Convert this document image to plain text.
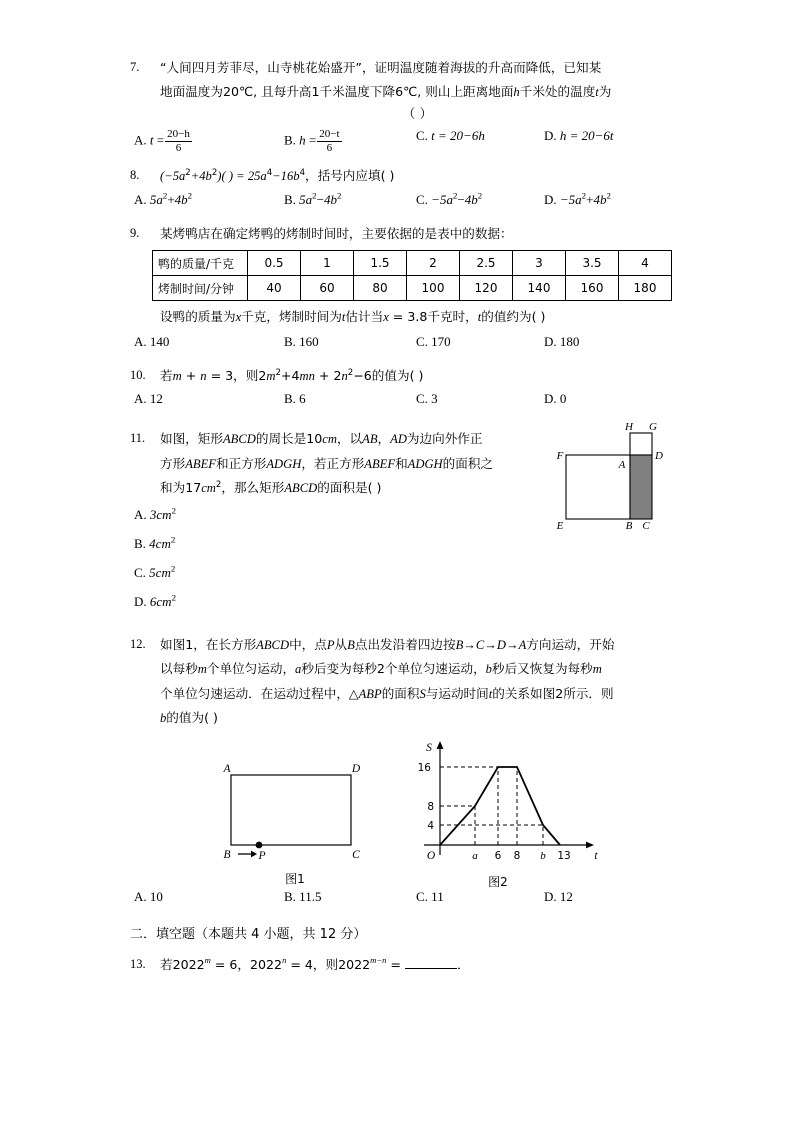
7.	“人间四月芳菲尽，山寺桃花始盛开”，证明温度随着海拔的升高而降低，已知某
地面温度为20℃, 且每升高1千米温度下降6℃, 则山上距离地面h千米处的温度t为
（ ）
A. $t = \frac{20-h}{6}$	B. $h = \frac{20-t}{6}$	C. t = 20−6h	D. h = 20−6t
8.	$(-5a^2+4b^2)$( ) = $25a^4-16b^4$，括号内应填( )
A. $5a^2+4b^2$	B. $5a^2-4b^2$	C. $-5a^2-4b^2$	D. $-5a^2+4b^2$
9.	某烤鸭店在确定烤鸭的烤制时间时，主要依据的是表中的数据：
鸭的质量/千克	0.5	1	1.5	2	2.5	3	3.5	4
烤制时间/分钟	40	60	80	100	120	140	160	180
设鸭的质量为x千克，烤制时间为t估计当x = 3.8千克时，t的值约为( )
A. 140	B. 160	C. 170	D. 180
10.	若m + n = 3，则$2m^2+4mn + 2n^2-6$的值为( )
A. 12	B. 6	C. 3	D. 0
11.	如图，矩形ABCD的周长是10cm，以AB，AD为边向外作正
方形ABEF和正方形ADGH，若正方形ABEF和ADGH的面积之
和为$17cm^2$，那么矩形ABCD的面积是( )
H G
F
A
D
E	B C
A. $3cm^2$
B. $4cm^2$
C. $5cm^2$
D. $6cm^2$
12.	如图1，在长方形ABCD中，点P从B点出发沿着四边按B→C→D→A方向运动，开始
以每秒m个单位匀运动，a秒后变为每秒2个单位匀速运动，b秒后又恢复为每秒m
个单位匀速运动．在运动过程中，△ABP的面积S与运动时间t的关系如图2所示．则
b的值为( )
A	D
B	C
P
图1
S
t
O
16
8
4
a 6 8 b 13
图2
A. 10	B. 11.5	C. 11	D. 12
二．填空题（本题共 4 小题，共 12 分）
13.	若$2022^m = 6$，$2022^n = 4$，则$2022^{m-n}$ =	．
